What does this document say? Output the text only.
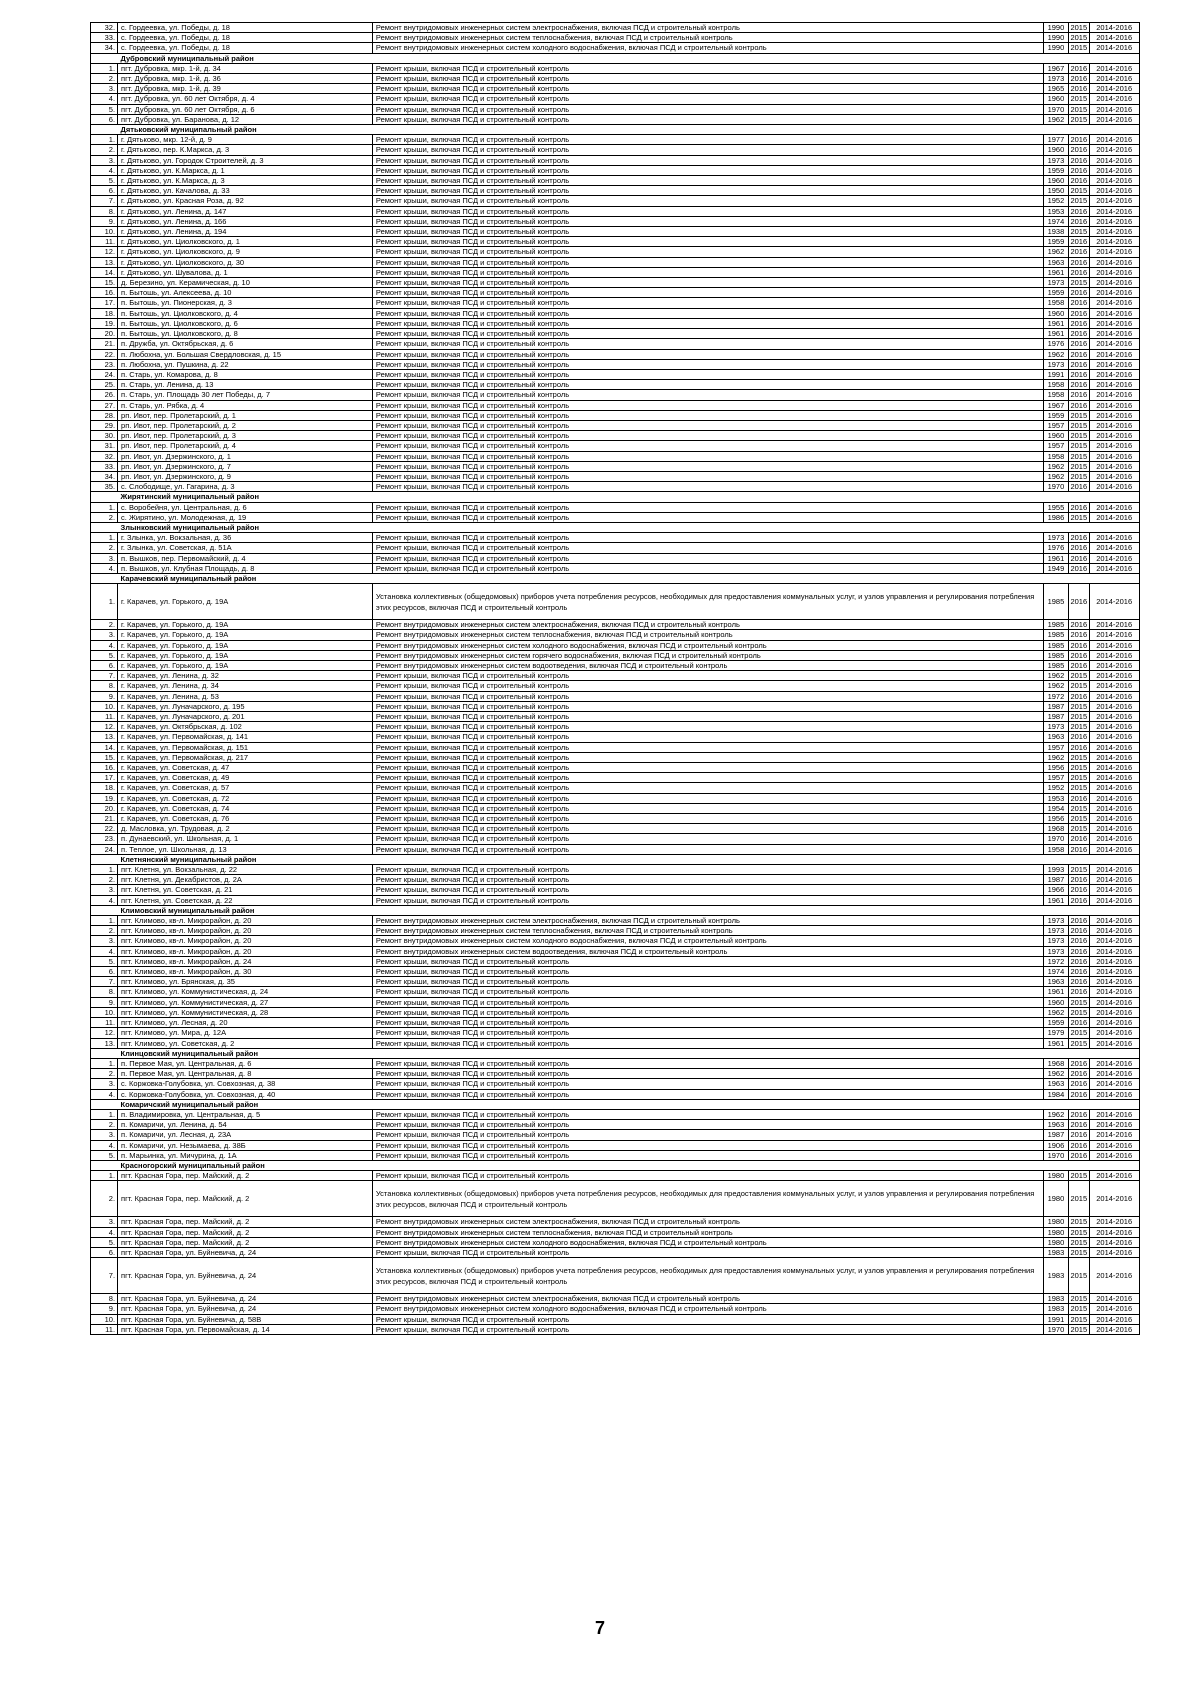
32.	с. Гордеевка, ул. Победы, д. 18	Ремонт внутридомовых инженерных систем электроснабжения, включая ПСД и строительный контроль	1990	2015	2014-2016	
33.	с. Гордеевка, ул. Победы, д. 18	Ремонт внутридомовых инженерных систем теплоснабжения, включая ПСД и строительный контроль	1990	2015	2014-2016	
34.	с. Гордеевка, ул. Победы, д. 18	Ремонт внутридомовых инженерных систем холодного водоснабжения, включая ПСД и строительный контроль	1990	2015	2014-2016	
	Дубровский муниципальный район					
1.	пгт. Дубровка, мкр. 1-й, д. 34	Ремонт крыши, включая ПСД и строительный контроль	1967	2016	2014-2016	
2.	пгт. Дубровка, мкр. 1-й, д. 36	Ремонт крыши, включая ПСД и строительный контроль	1973	2016	2014-2016	
3.	пгт. Дубровка, мкр. 1-й, д. 39	Ремонт крыши, включая ПСД и строительный контроль	1965	2016	2014-2016	
4.	пгт. Дубровка, ул. 60 лет Октября, д. 4	Ремонт крыши, включая ПСД и строительный контроль	1960	2015	2014-2016	
5.	пгт. Дубровка, ул. 60 лет Октября, д. 6	Ремонт крыши, включая ПСД и строительный контроль	1970	2015	2014-2016	
6.	пгт. Дубровка, ул. Баранова, д. 12	Ремонт крыши, включая ПСД и строительный контроль	1962	2015	2014-2016	
	Дятьковский муниципальный район					
1.	г. Дятьково, мкр. 12-й, д. 9	Ремонт крыши, включая ПСД и строительный контроль	1977	2016	2014-2016	
2.	г. Дятьково, пер. К.Маркса, д. 3	Ремонт крыши, включая ПСД и строительный контроль	1960	2016	2014-2016	
3.	г. Дятьково, ул. Городок Строителей, д. 3	Ремонт крыши, включая ПСД и строительный контроль	1973	2016	2014-2016	
4.	г. Дятьково, ул. К.Маркса, д. 1	Ремонт крыши, включая ПСД и строительный контроль	1959	2016	2014-2016	
5.	г. Дятьково, ул. К.Маркса, д. 3	Ремонт крыши, включая ПСД и строительный контроль	1960	2016	2014-2016	
6.	г. Дятьково, ул. Качалова, д. 33	Ремонт крыши, включая ПСД и строительный контроль	1950	2015	2014-2016	
7.	г. Дятьково, ул. Красная Роза, д. 92	Ремонт крыши, включая ПСД и строительный контроль	1952	2015	2014-2016	
8.	г. Дятьково, ул. Ленина, д. 147	Ремонт крыши, включая ПСД и строительный контроль	1953	2016	2014-2016	
9.	г. Дятьково, ул. Ленина, д. 166	Ремонт крыши, включая ПСД и строительный контроль	1974	2016	2014-2016	
10.	г. Дятьково, ул. Ленина, д. 194	Ремонт крыши, включая ПСД и строительный контроль	1938	2015	2014-2016	
11.	г. Дятьково, ул. Циолковского, д. 1	Ремонт крыши, включая ПСД и строительный контроль	1959	2016	2014-2016	
12.	г. Дятьково, ул. Циолковского, д. 9	Ремонт крыши, включая ПСД и строительный контроль	1962	2016	2014-2016	
13.	г. Дятьково, ул. Циолковского, д. 30	Ремонт крыши, включая ПСД и строительный контроль	1963	2016	2014-2016	
14.	г. Дятьково, ул. Шувалова, д. 1	Ремонт крыши, включая ПСД и строительный контроль	1961	2016	2014-2016	
15.	д. Березино, ул. Керамическая, д. 10	Ремонт крыши, включая ПСД и строительный контроль	1973	2015	2014-2016	
16.	п. Бытошь, ул. Алексеева, д. 10	Ремонт крыши, включая ПСД и строительный контроль	1959	2016	2014-2016	
17.	п. Бытошь, ул. Пионерская, д. 3	Ремонт крыши, включая ПСД и строительный контроль	1958	2016	2014-2016	
18.	п. Бытошь, ул. Циолковского, д. 4	Ремонт крыши, включая ПСД и строительный контроль	1960	2016	2014-2016	
19.	п. Бытошь, ул. Циолковского, д. 6	Ремонт крыши, включая ПСД и строительный контроль	1961	2016	2014-2016	
20.	п. Бытошь, ул. Циолковского, д. 8	Ремонт крыши, включая ПСД и строительный контроль	1961	2016	2014-2016	
21.	п. Дружба, ул. Октябрьская, д. 6	Ремонт крыши, включая ПСД и строительный контроль	1976	2016	2014-2016	
22.	п. Любохна, ул. Большая Свердловская, д. 15	Ремонт крыши, включая ПСД и строительный контроль	1962	2016	2014-2016	
23.	п. Любохна, ул. Пушкина, д. 22	Ремонт крыши, включая ПСД и строительный контроль	1973	2016	2014-2016	
24.	п. Старь, ул. Комарова, д. 8	Ремонт крыши, включая ПСД и строительный контроль	1991	2016	2014-2016	
25.	п. Старь, ул. Ленина, д. 13	Ремонт крыши, включая ПСД и строительный контроль	1958	2016	2014-2016	
26.	п. Старь, ул. Площадь 30 лет Победы, д. 7	Ремонт крыши, включая ПСД и строительный контроль	1958	2016	2014-2016	
27.	п. Старь, ул. Рябка, д. 4	Ремонт крыши, включая ПСД и строительный контроль	1967	2016	2014-2016	
28.	рп. Ивот, пер. Пролетарский, д. 1	Ремонт крыши, включая ПСД и строительный контроль	1959	2015	2014-2016	
29.	рп. Ивот, пер. Пролетарский, д. 2	Ремонт крыши, включая ПСД и строительный контроль	1957	2015	2014-2016	
30.	рп. Ивот, пер. Пролетарский, д. 3	Ремонт крыши, включая ПСД и строительный контроль	1960	2015	2014-2016	
31.	рп. Ивот, пер. Пролетарский, д. 4	Ремонт крыши, включая ПСД и строительный контроль	1957	2015	2014-2016	
32.	рп. Ивот, ул. Дзержинского, д. 1	Ремонт крыши, включая ПСД и строительный контроль	1958	2015	2014-2016	
33.	рп. Ивот, ул. Дзержинского, д. 7	Ремонт крыши, включая ПСД и строительный контроль	1962	2015	2014-2016	
34.	рп. Ивот, ул. Дзержинского, д. 9	Ремонт крыши, включая ПСД и строительный контроль	1962	2015	2014-2016	
35.	с. Слободище, ул. Гагарина, д. 3	Ремонт крыши, включая ПСД и строительный контроль	1970	2016	2014-2016	
	Жирятинский муниципальный район					
1.	с. Воробейня, ул. Центральная, д. 6	Ремонт крыши, включая ПСД и строительный контроль	1955	2016	2014-2016	
2.	с. Жирятино, ул. Молодежная, д. 19	Ремонт крыши, включая ПСД и строительный контроль	1986	2015	2014-2016	
	Злынковский муниципальный район					
1.	г. Злынка, ул. Вокзальная, д. 36	Ремонт крыши, включая ПСД и строительный контроль	1973	2016	2014-2016	
2.	г. Злынка, ул. Советская, д. 51А	Ремонт крыши, включая ПСД и строительный контроль	1976	2016	2014-2016	
3.	п. Вышков, пер. Первомайский, д. 4	Ремонт крыши, включая ПСД и строительный контроль	1961	2016	2014-2016	
4.	п. Вышков, ул. Клубная Площадь, д. 8	Ремонт крыши, включая ПСД и строительный контроль	1949	2016	2014-2016	
	Карачевский муниципальный район					
1.	г. Карачев, ул. Горького, д. 19А	Установка коллективных (общедомовых) приборов учета потребления ресурсов, необходимых для предоставления коммунальных услуг, и узлов управления и регулирования потребления этих ресурсов, включая ПСД и строительный контроль	1985	2016	2014-2016	
2.	г. Карачев, ул. Горького, д. 19А	Ремонт внутридомовых инженерных систем электроснабжения, включая ПСД и строительный контроль	1985	2016	2014-2016	
3.	г. Карачев, ул. Горького, д. 19А	Ремонт внутридомовых инженерных систем теплоснабжения, включая ПСД и строительный контроль	1985	2016	2014-2016	
4.	г. Карачев, ул. Горького, д. 19А	Ремонт внутридомовых инженерных систем холодного водоснабжения, включая ПСД и строительный контроль	1985	2016	2014-2016	
5.	г. Карачев, ул. Горького, д. 19А	Ремонт внутридомовых инженерных систем горячего водоснабжения, включая ПСД и строительный контроль	1985	2016	2014-2016	
6.	г. Карачев, ул. Горького, д. 19А	Ремонт внутридомовых инженерных систем водоотведения, включая ПСД и строительный контроль	1985	2016	2014-2016	
7.	г. Карачев, ул. Ленина, д. 32	Ремонт крыши, включая ПСД и строительный контроль	1962	2015	2014-2016	
8.	г. Карачев, ул. Ленина, д. 34	Ремонт крыши, включая ПСД и строительный контроль	1962	2015	2014-2016	
9.	г. Карачев, ул. Ленина, д. 53	Ремонт крыши, включая ПСД и строительный контроль	1972	2016	2014-2016	
10.	г. Карачев, ул. Луначарского, д. 195	Ремонт крыши, включая ПСД и строительный контроль	1987	2015	2014-2016	
11.	г. Карачев, ул. Луначарского, д. 201	Ремонт крыши, включая ПСД и строительный контроль	1987	2015	2014-2016	
12.	г. Карачев, ул. Октябрьская, д. 102	Ремонт крыши, включая ПСД и строительный контроль	1973	2015	2014-2016	
13.	г. Карачев, ул. Первомайская, д. 141	Ремонт крыши, включая ПСД и строительный контроль	1963	2016	2014-2016	
14.	г. Карачев, ул. Первомайская, д. 151	Ремонт крыши, включая ПСД и строительный контроль	1957	2016	2014-2016	
15.	г. Карачев, ул. Первомайская, д. 217	Ремонт крыши, включая ПСД и строительный контроль	1962	2015	2014-2016	
16.	г. Карачев, ул. Советская, д. 47	Ремонт крыши, включая ПСД и строительный контроль	1956	2015	2014-2016	
17.	г. Карачев, ул. Советская, д. 49	Ремонт крыши, включая ПСД и строительный контроль	1957	2015	2014-2016	
18.	г. Карачев, ул. Советская, д. 57	Ремонт крыши, включая ПСД и строительный контроль	1952	2015	2014-2016	
19.	г. Карачев, ул. Советская, д. 72	Ремонт крыши, включая ПСД и строительный контроль	1953	2016	2014-2016	
20.	г. Карачев, ул. Советская, д. 74	Ремонт крыши, включая ПСД и строительный контроль	1954	2015	2014-2016	
21.	г. Карачев, ул. Советская, д. 76	Ремонт крыши, включая ПСД и строительный контроль	1956	2015	2014-2016	
22.	д. Масловка, ул. Трудовая, д. 2	Ремонт крыши, включая ПСД и строительный контроль	1968	2015	2014-2016	
23.	п. Дунаевский, ул. Школьная, д. 1	Ремонт крыши, включая ПСД и строительный контроль	1970	2016	2014-2016	
24.	п. Теплое, ул. Школьная, д. 13	Ремонт крыши, включая ПСД и строительный контроль	1958	2016	2014-2016	
	Клетнянский муниципальный район					
1.	пгт. Клетня, ул. Вокзальная, д. 22	Ремонт крыши, включая ПСД и строительный контроль	1993	2015	2014-2016	
2.	пгт. Клетня, ул. Декабристов, д. 2А	Ремонт крыши, включая ПСД и строительный контроль	1987	2016	2014-2016	
3.	пгт. Клетня, ул. Советская, д. 21	Ремонт крыши, включая ПСД и строительный контроль	1966	2016	2014-2016	
4.	пгт. Клетня, ул. Советская, д. 22	Ремонт крыши, включая ПСД и строительный контроль	1961	2016	2014-2016	
	Климовский муниципальный район					
1.	пгт. Климово, кв-л. Микрорайон, д. 20	Ремонт внутридомовых инженерных систем электроснабжения, включая ПСД и строительный контроль	1973	2016	2014-2016	
2.	пгт. Климово, кв-л. Микрорайон, д. 20	Ремонт внутридомовых инженерных систем теплоснабжения, включая ПСД и строительный контроль	1973	2016	2014-2016	
3.	пгт. Климово, кв-л. Микрорайон, д. 20	Ремонт внутридомовых инженерных систем холодного водоснабжения, включая ПСД и строительный контроль	1973	2016	2014-2016	
4.	пгт. Климово, кв-л. Микрорайон, д. 20	Ремонт внутридомовых инженерных систем водоотведения, включая ПСД и строительный контроль	1973	2016	2014-2016	
5.	пгт. Климово, кв-л. Микрорайон, д. 24	Ремонт крыши, включая ПСД и строительный контроль	1972	2016	2014-2016	
6.	пгт. Климово, кв-л. Микрорайон, д. 30	Ремонт крыши, включая ПСД и строительный контроль	1974	2016	2014-2016	
7.	пгт. Климово, ул. Брянская, д. 35	Ремонт крыши, включая ПСД и строительный контроль	1963	2016	2014-2016	
8.	пгт. Климово, ул. Коммунистическая, д. 24	Ремонт крыши, включая ПСД и строительный контроль	1961	2016	2014-2016	
9.	пгт. Климово, ул. Коммунистическая, д. 27	Ремонт крыши, включая ПСД и строительный контроль	1960	2015	2014-2016	
10.	пгт. Климово, ул. Коммунистическая, д. 28	Ремонт крыши, включая ПСД и строительный контроль	1962	2015	2014-2016	
11.	пгт. Климово, ул. Лесная, д. 20	Ремонт крыши, включая ПСД и строительный контроль	1959	2016	2014-2016	
12.	пгт. Климово, ул. Мира, д. 12А	Ремонт крыши, включая ПСД и строительный контроль	1979	2015	2014-2016	
13.	пгт. Климово, ул. Советская, д. 2	Ремонт крыши, включая ПСД и строительный контроль	1961	2015	2014-2016	
	Клинцовский муниципальный район					
1.	п. Первое Мая, ул. Центральная, д. 6	Ремонт крыши, включая ПСД и строительный контроль	1968	2016	2014-2016	
2.	п. Первое Мая, ул. Центральная, д. 8	Ремонт крыши, включая ПСД и строительный контроль	1962	2016	2014-2016	
3.	с. Коржовка-Голубовка, ул. Совхозная, д. 38	Ремонт крыши, включая ПСД и строительный контроль	1963	2016	2014-2016	
4.	с. Коржовка-Голубовка, ул. Совхозная, д. 40	Ремонт крыши, включая ПСД и строительный контроль	1984	2016	2014-2016	
	Комаричский муниципальный район					
1.	п. Владимировка, ул. Центральная, д. 5	Ремонт крыши, включая ПСД и строительный контроль	1962	2016	2014-2016	
2.	п. Комаричи, ул. Ленина, д. 54	Ремонт крыши, включая ПСД и строительный контроль	1963	2016	2014-2016	
3.	п. Комаричи, ул. Лесная, д. 23А	Ремонт крыши, включая ПСД и строительный контроль	1987	2016	2014-2016	
4.	п. Комаричи, ул. Незымаева, д. 38Б	Ремонт крыши, включая ПСД и строительный контроль	1906	2016	2014-2016	
5.	п. Марьинка, ул. Мичурина, д. 1А	Ремонт крыши, включая ПСД и строительный контроль	1970	2016	2014-2016	
	Красногорский муниципальный район					
1.	пгт. Красная Гора, пер. Майский, д. 2	Ремонт крыши, включая ПСД и строительный контроль	1980	2015	2014-2016	
2.	пгт. Красная Гора, пер. Майский, д. 2	Установка коллективных (общедомовых) приборов учета потребления ресурсов, необходимых для предоставления коммунальных услуг, и узлов управления и регулирования потребления этих ресурсов, включая ПСД и строительный контроль	1980	2015	2014-2016	
3.	пгт. Красная Гора, пер. Майский, д. 2	Ремонт внутридомовых инженерных систем электроснабжения, включая ПСД и строительный контроль	1980	2015	2014-2016	
4.	пгт. Красная Гора, пер. Майский, д. 2	Ремонт внутридомовых инженерных систем теплоснабжения, включая ПСД и строительный контроль	1980	2015	2014-2016	
5.	пгт. Красная Гора, пер. Майский, д. 2	Ремонт внутридомовых инженерных систем холодного водоснабжения, включая ПСД и строительный контроль	1980	2015	2014-2016	
6.	пгт. Красная Гора, ул. Буйневича, д. 24	Ремонт крыши, включая ПСД и строительный контроль	1983	2015	2014-2016	
7.	пгт. Красная Гора, ул. Буйневича, д. 24	Установка коллективных (общедомовых) приборов учета потребления ресурсов, необходимых для предоставления коммунальных услуг, и узлов управления и регулирования потребления этих ресурсов, включая ПСД и строительный контроль	1983	2015	2014-2016	
8.	пгт. Красная Гора, ул. Буйневича, д. 24	Ремонт внутридомовых инженерных систем электроснабжения, включая ПСД и строительный контроль	1983	2015	2014-2016	
9.	пгт. Красная Гора, ул. Буйневича, д. 24	Ремонт внутридомовых инженерных систем холодного водоснабжения, включая ПСД и строительный контроль	1983	2015	2014-2016	
10.	пгт. Красная Гора, ул. Буйневича, д. 58В	Ремонт крыши, включая ПСД и строительный контроль	1991	2015	2014-2016	
11.	пгт. Красная Гора, ул. Первомайская, д. 14	Ремонт крыши, включая ПСД и строительный контроль	1970	2015	2014-2016	
7
